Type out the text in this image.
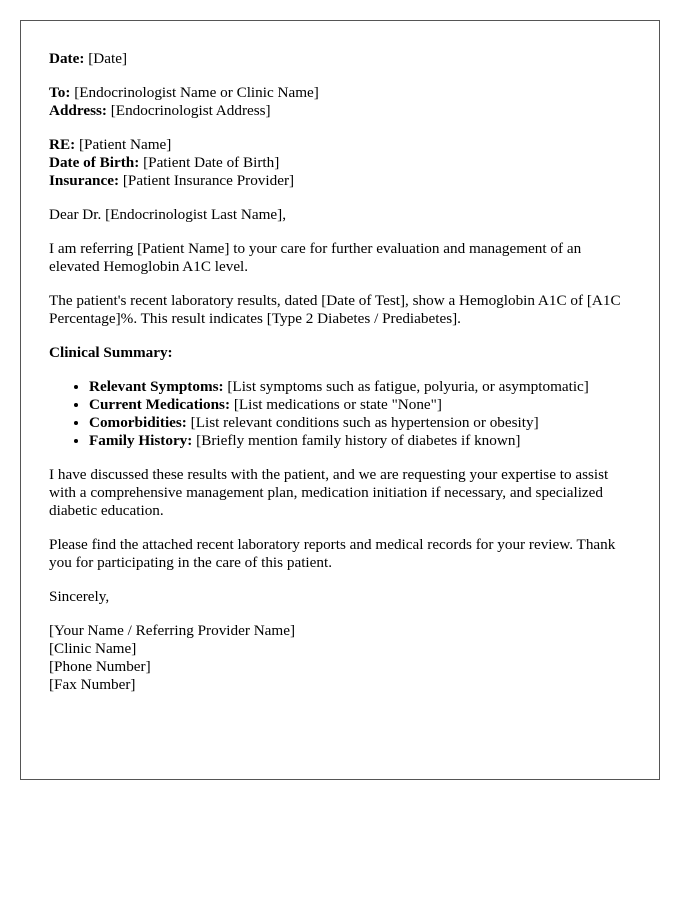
Date: [Date]

To: [Endocrinologist Name or Clinic Name]
Address: [Endocrinologist Address]

RE: [Patient Name]
Date of Birth: [Patient Date of Birth]
Insurance: [Patient Insurance Provider]

Dear Dr. [Endocrinologist Last Name],

I am referring [Patient Name] to your care for further evaluation and management of an elevated Hemoglobin A1C level.

The patient's recent laboratory results, dated [Date of Test], show a Hemoglobin A1C of [A1C Percentage]%. This result indicates [Type 2 Diabetes / Prediabetes].

Clinical Summary:
• Relevant Symptoms: [List symptoms such as fatigue, polyuria, or asymptomatic]
• Current Medications: [List medications or state "None"]
• Comorbidities: [List relevant conditions such as hypertension or obesity]
• Family History: [Briefly mention family history of diabetes if known]

I have discussed these results with the patient, and we are requesting your expertise to assist with a comprehensive management plan, medication initiation if necessary, and specialized diabetic education.

Please find the attached recent laboratory reports and medical records for your review. Thank you for participating in the care of this patient.

Sincerely,

[Your Name / Referring Provider Name]
[Clinic Name]
[Phone Number]
[Fax Number]
